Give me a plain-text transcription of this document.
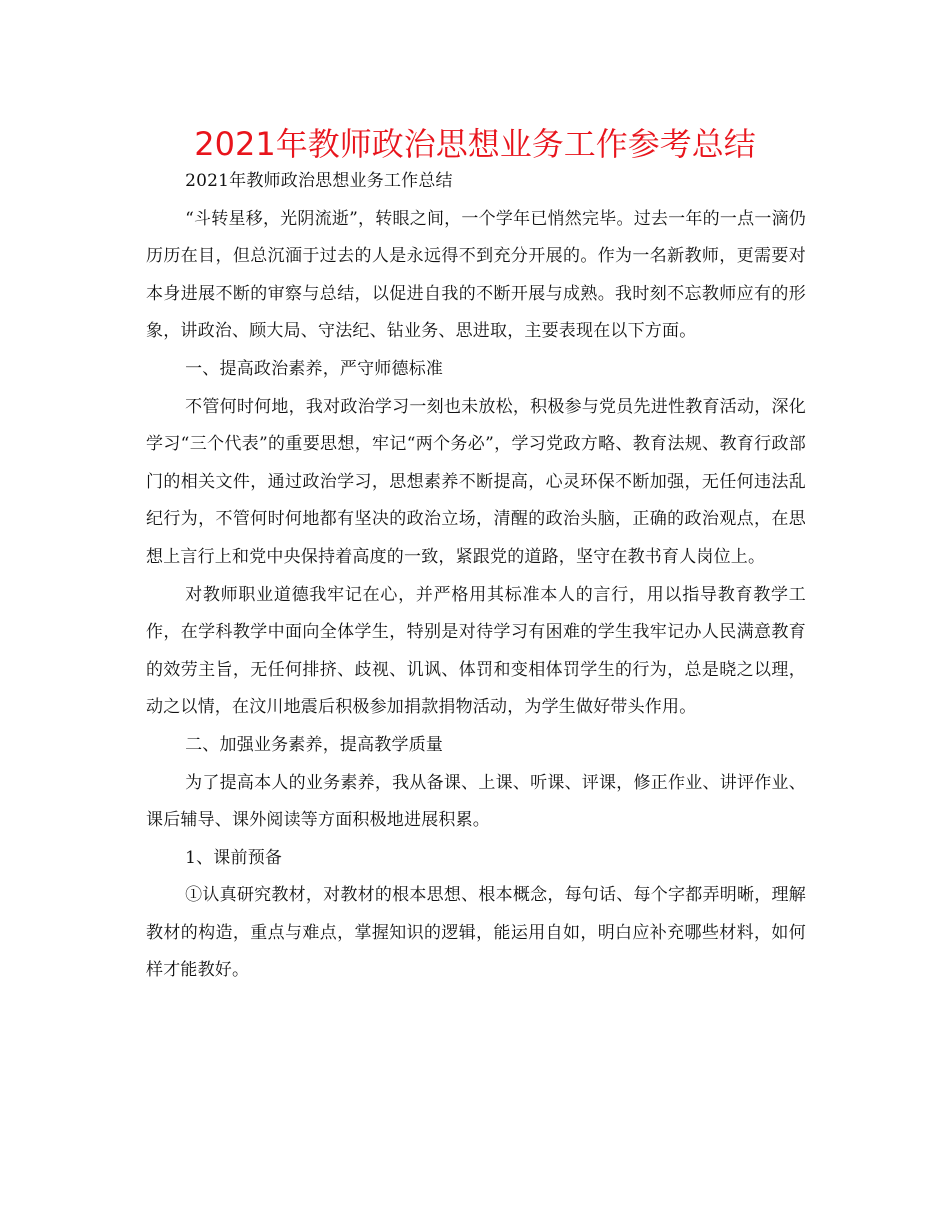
2021年教师政治思想业务工作参考总结

2021年教师政治思想业务工作总结

“斗转星移，光阴流逝”，转眼之间，一个学年已悄然完毕。过去一年的一点一滴仍历历在目，但总沉湎于过去的人是永远得不到充分开展的。作为一名新教师，更需要对本身进展不断的审察与总结，以促进自我的不断开展与成熟。我时刻不忘教师应有的形象，讲政治、顾大局、守法纪、钻业务、思进取，主要表现在以下方面。

一、提高政治素养，严守师德标准

不管何时何地，我对政治学习一刻也未放松，积极参与党员先进性教育活动，深化学习“三个代表”的重要思想，牢记“两个务必”，学习党政方略、教育法规、教育行政部门的相关文件，通过政治学习，思想素养不断提高，心灵环保不断加强，无任何违法乱纪行为，不管何时何地都有坚决的政治立场，清醒的政治头脑，正确的政治观点，在思想上言行上和党中央保持着高度的一致，紧跟党的道路，坚守在教书育人岗位上。

对教师职业道德我牢记在心，并严格用其标准本人的言行，用以指导教育教学工作，在学科教学中面向全体学生，特别是对待学习有困难的学生我牢记办人民满意教育的效劳主旨，无任何排挤、歧视、讥讽、体罚和变相体罚学生的行为，总是晓之以理，动之以情，在汶川地震后积极参加捐款捐物活动，为学生做好带头作用。

二、加强业务素养，提高教学质量

为了提高本人的业务素养，我从备课、上课、听课、评课，修正作业、讲评作业、课后辅导、课外阅读等方面积极地进展积累。

1、课前预备

①认真研究教材，对教材的根本思想、根本概念，每句话、每个字都弄明晰，理解教材的构造，重点与难点，掌握知识的逻辑，能运用自如，明白应补充哪些材料，如何样才能教好。
